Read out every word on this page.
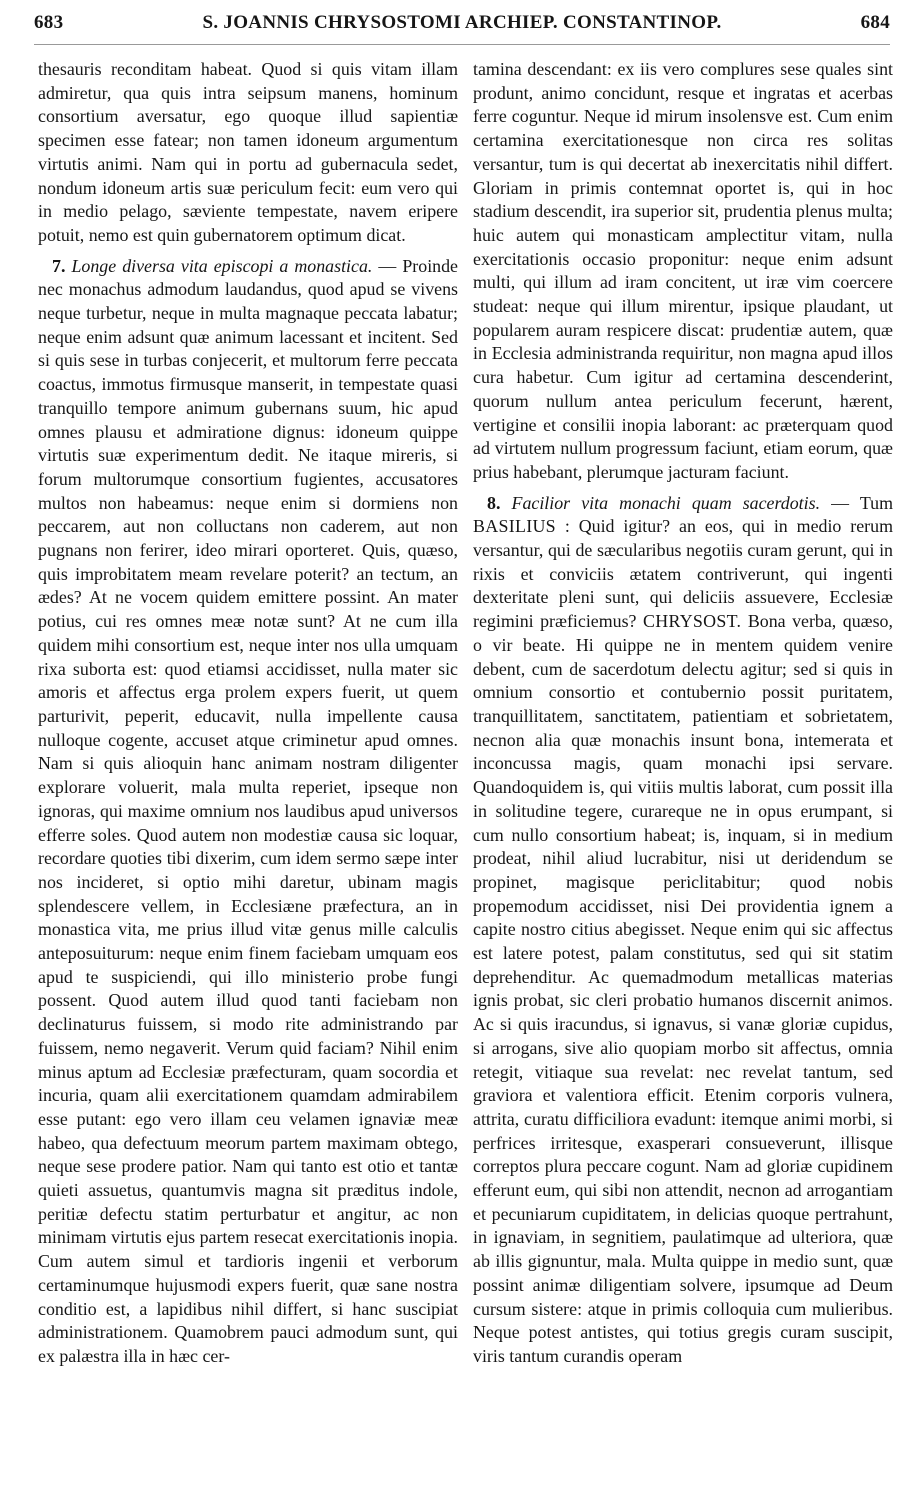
683	S. JOANNIS CHRYSOSTOMI ARCHIEP. CONSTANTINOP.	684

thesauris reconditam habeat. Quod si quis vitam illam admiretur, qua quis intra seipsum manens, hominum consortium aversatur, ego quoque illud sapientiæ specimen esse fatear; non tamen idoneum argumentum virtutis animi. Nam qui in portu ad gubernacula sedet, nondum idoneum artis suæ periculum fecit: eum vero qui in medio pelago, sæviente tempestate, navem eripere potuit, nemo est quin gubernatorem optimum dicat.

7. Longe diversa vita episcopi a monastica. — Proinde nec monachus admodum laudandus, quod apud se vivens neque turbetur, neque in multa magnaque peccata labatur; neque enim adsunt quæ animum lacessant et incitent. Sed si quis sese in turbas conjecerit, et multorum ferre peccata coactus, immotus firmusque manserit, in tempestate quasi tranquillo tempore animum gubernans suum, hic apud omnes plausu et admiratione dignus: idoneum quippe virtutis suæ experimentum dedit. Ne itaque mireris, si forum multorumque consortium fugientes, accusatores multos non habeamus: neque enim si dormiens non peccarem, aut non colluctans non caderem, aut non pugnans non ferirer, ideo mirari oporteret. Quis, quæso, quis improbitatem meam revelare poterit? an tectum, an ædes? At ne vocem quidem emittere possint. An mater potius, cui res omnes meæ notæ sunt? At ne cum illa quidem mihi consortium est, neque inter nos ulla umquam rixa suborta est: quod etiamsi accidisset, nulla mater sic amoris et affectus erga prolem expers fuerit, ut quem parturivit, peperit, educavit, nulla impellente causa nulloque cogente, accuset atque criminetur apud omnes. Nam si quis alioquin hanc animam nostram diligenter explorare voluerit, mala multa reperiet, ipseque non ignoras, qui maxime omnium nos laudibus apud universos efferre soles. Quod autem non modestiæ causa sic loquar, recordare quoties tibi dixerim, cum idem sermo sæpe inter nos incideret, si optio mihi daretur, ubinam magis splendescere vellem, in Ecclesiæne præfectura, an in monastica vita, me prius illud vitæ genus mille calculis anteposuiturum: neque enim finem faciebam umquam eos apud te suspiciendi, qui illo ministerio probe fungi possent. Quod autem illud quod tanti faciebam non declinaturus fuissem, si modo rite administrando par fuissem, nemo negaverit. Verum quid faciam? Nihil enim minus aptum ad Ecclesiæ præfecturam, quam socordia et incuria, quam alii exercitationem quamdam admirabilem esse putant: ego vero illam ceu velamen ignaviæ meæ habeo, qua defectuum meorum partem maximam obtego, neque sese prodere patior. Nam qui tanto est otio et tantæ quieti assuetus, quantumvis magna sit præditus indole, peritiæ defectu statim perturbatur et angitur, ac non minimam virtutis ejus partem resecat exercitationis inopia. Cum autem simul et tardioris ingenii et verborum certaminumque hujusmodi expers fuerit, quæ sane nostra conditio est, a lapidibus nihil differt, si hanc suscipiat administrationem. Quamobrem pauci admodum sunt, qui ex palæstra illa in hæc cer-

tamina descendant: ex iis vero complures sese quales sint produnt, animo concidunt, resque et ingratas et acerbas ferre coguntur. Neque id mirum insolensve est. Cum enim certamina exercitationesque non circa res solitas versantur, tum is qui decertat ab inexercitatis nihil differt. Gloriam in primis contemnat oportet is, qui in hoc stadium descendit, ira superior sit, prudentia plenus multa; huic autem qui monasticam amplectitur vitam, nulla exercitationis occasio proponitur: neque enim adsunt multi, qui illum ad iram concitent, ut iræ vim coercere studeat: neque qui illum mirentur, ipsique plaudant, ut popularem auram respicere discat: prudentiæ autem, quæ in Ecclesia administranda requiritur, non magna apud illos cura habetur. Cum igitur ad certamina descenderint, quorum nullum antea periculum fecerunt, hærent, vertigine et consilii inopia laborant: ac præterquam quod ad virtutem nullum progressum faciunt, etiam eorum, quæ prius habebant, plerumque jacturam faciunt.

8. Facilior vita monachi quam sacerdotis. — Tum BASILIUS : Quid igitur? an eos, qui in medio rerum versantur, qui de sæcularibus negotiis curam gerunt, qui in rixis et conviciis ætatem contriverunt, qui ingenti dexteritate pleni sunt, qui deliciis assuevere, Ecclesiæ regimini præficiemus? CHRYSOST. Bona verba, quæso, o vir beate. Hi quippe ne in mentem quidem venire debent, cum de sacerdotum delectu agitur; sed si quis in omnium consortio et contubernio possit puritatem, tranquillitatem, sanctitatem, patientiam et sobrietatem, necnon alia quæ monachis insunt bona, intemerata et inconcussa magis, quam monachi ipsi servare. Quandoquidem is, qui vitiis multis laborat, cum possit illa in solitudine tegere, curareque ne in opus erumpant, si cum nullo consortium habeat; is, inquam, si in medium prodeat, nihil aliud lucrabitur, nisi ut deridendum se propinet, magisque periclitabitur; quod nobis propemodum accidisset, nisi Dei providentia ignem a capite nostro citius abegisset. Neque enim qui sic affectus est latere potest, palam constitutus, sed qui sit statim deprehenditur. Ac quemadmodum metallicas materias ignis probat, sic cleri probatio humanos discernit animos. Ac si quis iracundus, si ignavus, si vanæ gloriæ cupidus, si arrogans, sive alio quopiam morbo sit affectus, omnia retegit, vitiaque sua revelat: nec revelat tantum, sed graviora et valentiora efficit. Etenim corporis vulnera, attrita, curatu difficiliora evadunt: itemque animi morbi, si perfrices irritesque, exasperari consueverunt, illisque correptos plura peccare cogunt. Nam ad gloriæ cupidinem efferunt eum, qui sibi non attendit, necnon ad arrogantiam et pecuniarum cupiditatem, in delicias quoque pertrahunt, in ignaviam, in segnitiem, paulatimque ad ulteriora, quæ ab illis gignuntur, mala. Multa quippe in medio sunt, quæ possint animæ diligentiam solvere, ipsumque ad Deum cursum sistere: atque in primis colloquia cum mulieribus. Neque potest antistes, qui totius gregis curam suscipit, viris tantum curandis operam
